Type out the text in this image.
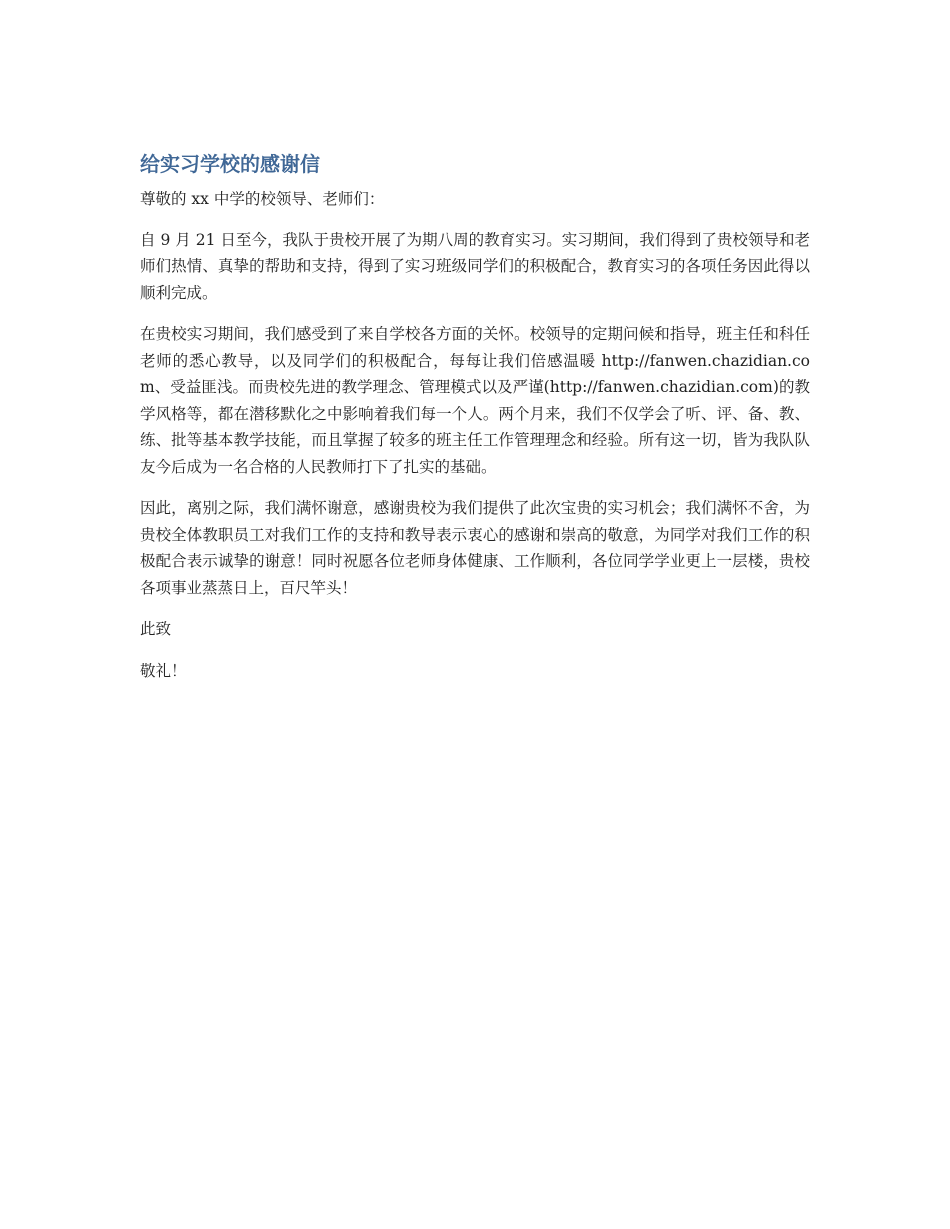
给实习学校的感谢信

尊敬的 xx 中学的校领导、老师们：

自 9 月 21 日至今，我队于贵校开展了为期八周的教育实习。实习期间，我们得到了贵校领导和老师们热情、真挚的帮助和支持，得到了实习班级同学们的积极配合，教育实习的各项任务因此得以顺利完成。

在贵校实习期间，我们感受到了来自学校各方面的关怀。校领导的定期问候和指导，班主任和科任老师的悉心教导，以及同学们的积极配合，每每让我们倍感温暖 http://fanwen.chazidian.com、受益匪浅。而贵校先进的教学理念、管理模式以及严谨(http://fanwen.chazidian.com)的教学风格等，都在潜移默化之中影响着我们每一个人。两个月来，我们不仅学会了听、评、备、教、练、批等基本教学技能，而且掌握了较多的班主任工作管理理念和经验。所有这一切，皆为我队队友今后成为一名合格的人民教师打下了扎实的基础。

因此，离别之际，我们满怀谢意，感谢贵校为我们提供了此次宝贵的实习机会；我们满怀不舍，为贵校全体教职员工对我们工作的支持和教导表示衷心的感谢和崇高的敬意，为同学对我们工作的积极配合表示诚挚的谢意！同时祝愿各位老师身体健康、工作顺利，各位同学学业更上一层楼，贵校各项事业蒸蒸日上，百尺竿头！

此致

敬礼！
